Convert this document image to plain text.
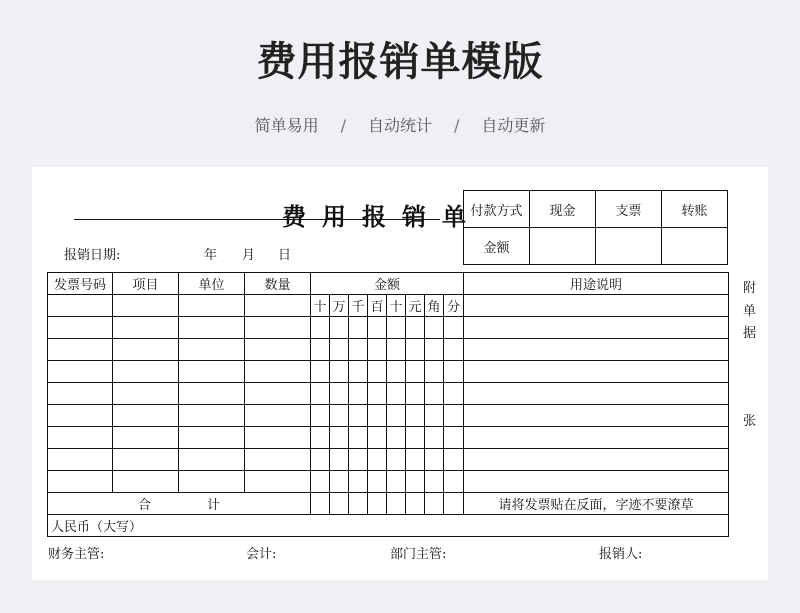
费用报销单模版
简单易用 / 自动统计 / 自动更新
费用报销单
报销日期:	年 月 日
付款方式	现金	支票	转账
金额			
发票号码	项目	单位	数量	金额								用途说明
				十	万	千	百	十	元	角	分	

合 计												请将发票贴在反面，字迹不要潦草
人民币（大写）												
附
单
据
张
财务主管:	会计:	部门主管:	报销人:
